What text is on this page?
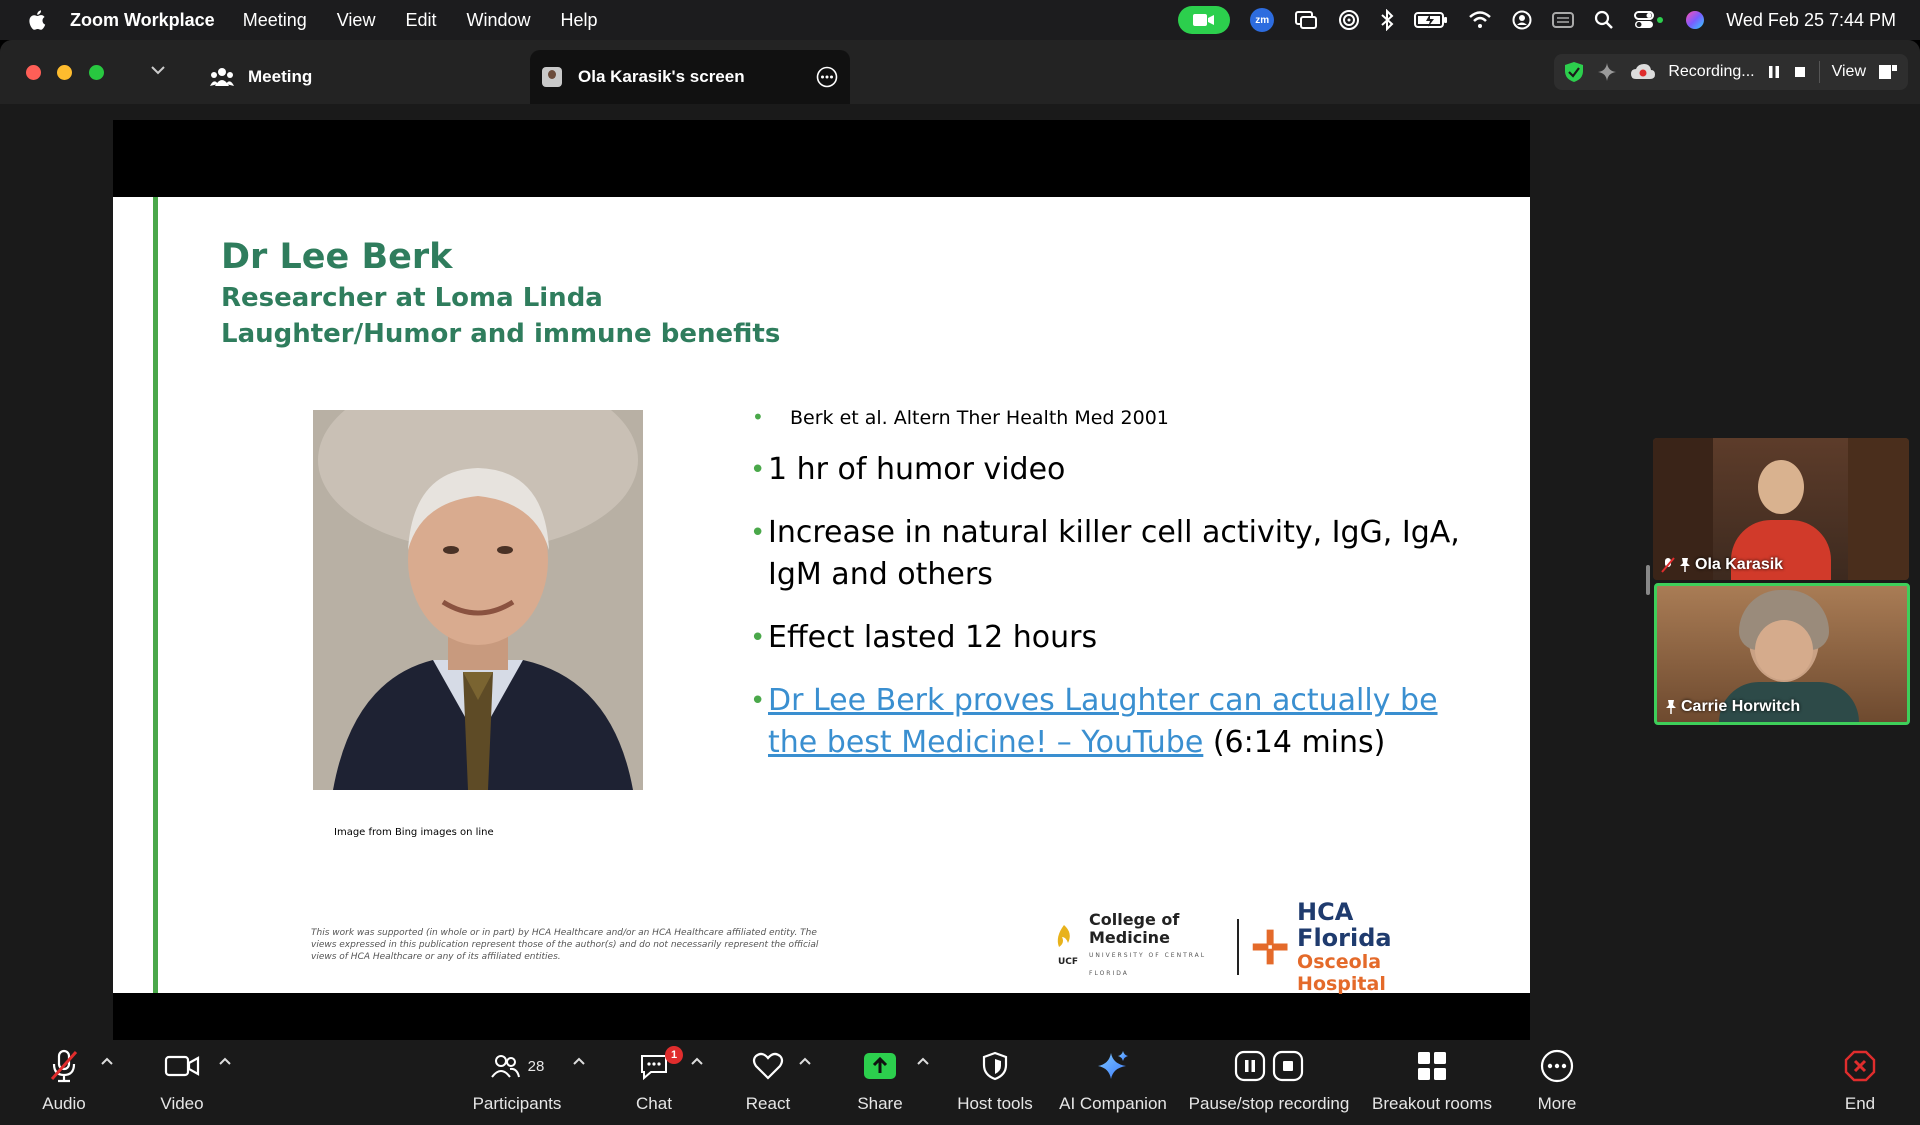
Zoom Workplace Meeting View Edit Window Help	zm	Wed Feb 25 7:44 PM
Meeting	Ola Karasik's screen	Recording...	View
Dr Lee Berk
Researcher at Loma Linda
Laughter/Humor and immune benefits
Image from Bing images on line
• Berk et al. Altern Ther Health Med 2001
• 1 hr of humor video
• Increase in natural killer cell activity, IgG, IgA, IgM and others
• Effect lasted 12 hours
• Dr Lee Berk proves Laughter can actually be the best Medicine! – YouTube (6:14 mins)
This work was supported (in whole or in part) by HCA Healthcare and/or an HCA Healthcare affiliated entity. The views expressed in this publication represent those of the author(s) and do not necessarily represent the official views of HCA Healthcare or any of its affiliated entities.	UCF
College of
Medicine
UNIVERSITY OF CENTRAL FLORIDA
HCA Florida
Osceola Hospital
Ola Karasik
Carrie Horwitch
Audio	Video
28
Participants
1
Chat	React	Share	Host tools AI Companion Pause/stop recording Breakout rooms	More	End
